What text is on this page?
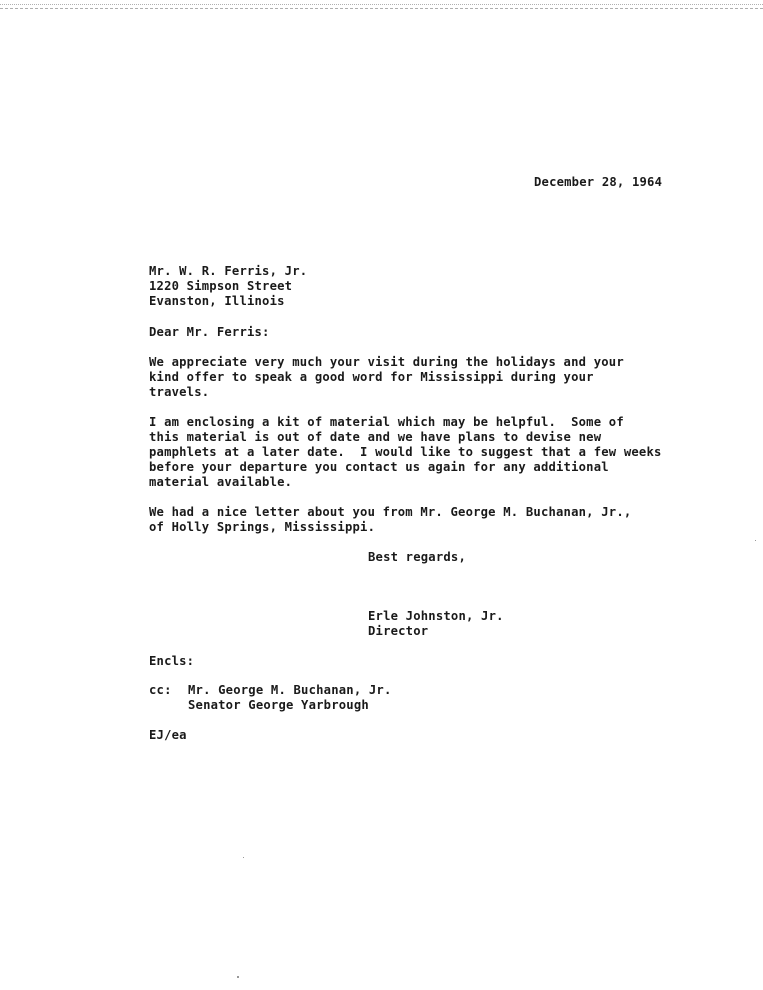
December 28, 1964
Mr. W. R. Ferris, Jr.
1220 Simpson Street
Evanston, Illinois
Dear Mr. Ferris:
We appreciate very much your visit during the holidays and your
kind offer to speak a good word for Mississippi during your
travels.
I am enclosing a kit of material which may be helpful.  Some of
this material is out of date and we have plans to devise new
pamphlets at a later date.  I would like to suggest that a few weeks
before your departure you contact us again for any additional
material available.
We had a nice letter about you from Mr. George M. Buchanan, Jr.,
of Holly Springs, Mississippi.
Best regards,
Erle Johnston, Jr.
Director
Encls:
cc: Mr. George M. Buchanan, Jr.
Senator George Yarbrough
EJ/ea
